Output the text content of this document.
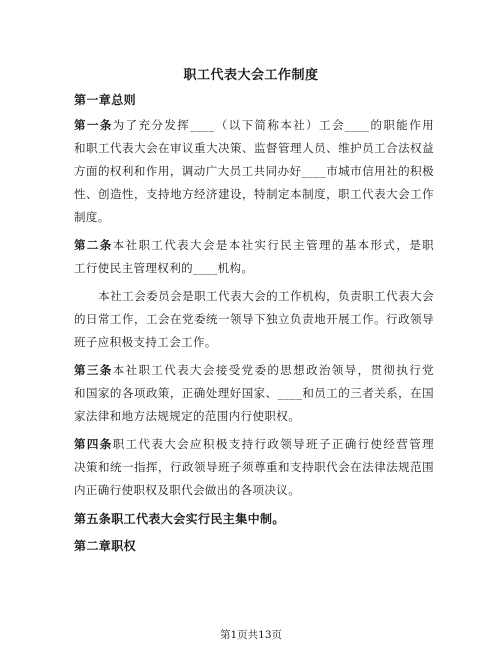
职工代表大会工作制度
第一章总则
第一条为了充分发挥____（以下简称本社）工会____的职能作用
和职工代表大会在审议重大决策、监督管理人员、维护员工合法权益
方面的权利和作用，调动广大员工共同办好____市城市信用社的积极
性、创造性，支持地方经济建设，特制定本制度，职工代表大会工作
制度。
第二条本社职工代表大会是本社实行民主管理的基本形式，是职
工行使民主管理权利的____机构。
本社工会委员会是职工代表大会的工作机构，负责职工代表大会
的日常工作，工会在党委统一领导下独立负责地开展工作。行政领导
班子应积极支持工会工作。
第三条本社职工代表大会接受党委的思想政治领导，贯彻执行党
和国家的各项政策，正确处理好国家、____和员工的三者关系，在国
家法律和地方法规规定的范围内行使职权。
第四条职工代表大会应积极支持行政领导班子正确行使经营管理
决策和统一指挥，行政领导班子须尊重和支持职代会在法律法规范围
内正确行使职权及职代会做出的各项决议。
第五条职工代表大会实行民主集中制。
第二章职权
第1页共13页
